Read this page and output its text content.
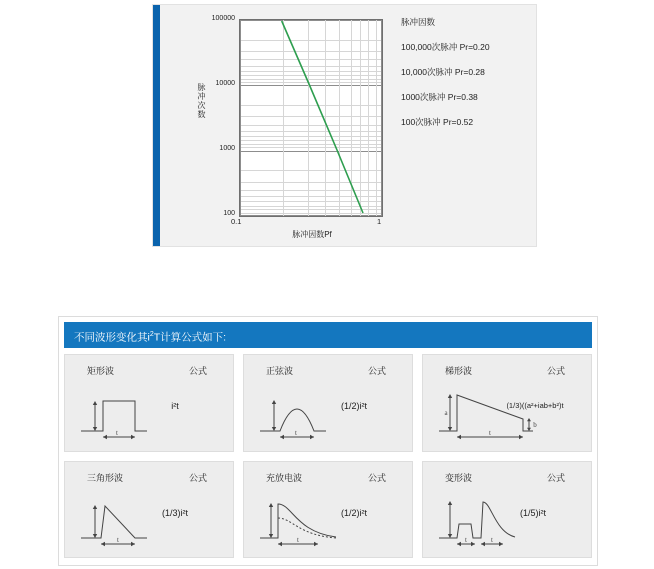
脉冲次数
100000
10000
1000
100
0.1	1
脉冲因数Pf
脉冲因数
100,000次脉冲 Pr=0.20
10,000次脉冲 Pr=0.28
1000次脉冲 Pr=0.38
100次脉冲 Pr=0.52
不同波形变化其$i^2T$计算公式如下:
矩形波	公式
t
i²t
正弦波	公式
t
(1/2)i²t
梯形波	公式
a
b
t
(1/3)((a²+iab+b²)t
三角形波	公式
t
(1/3)i²t
充放电波	公式
t
(1/2)i²t
变形波	公式
t	t
(1/5)i²t
